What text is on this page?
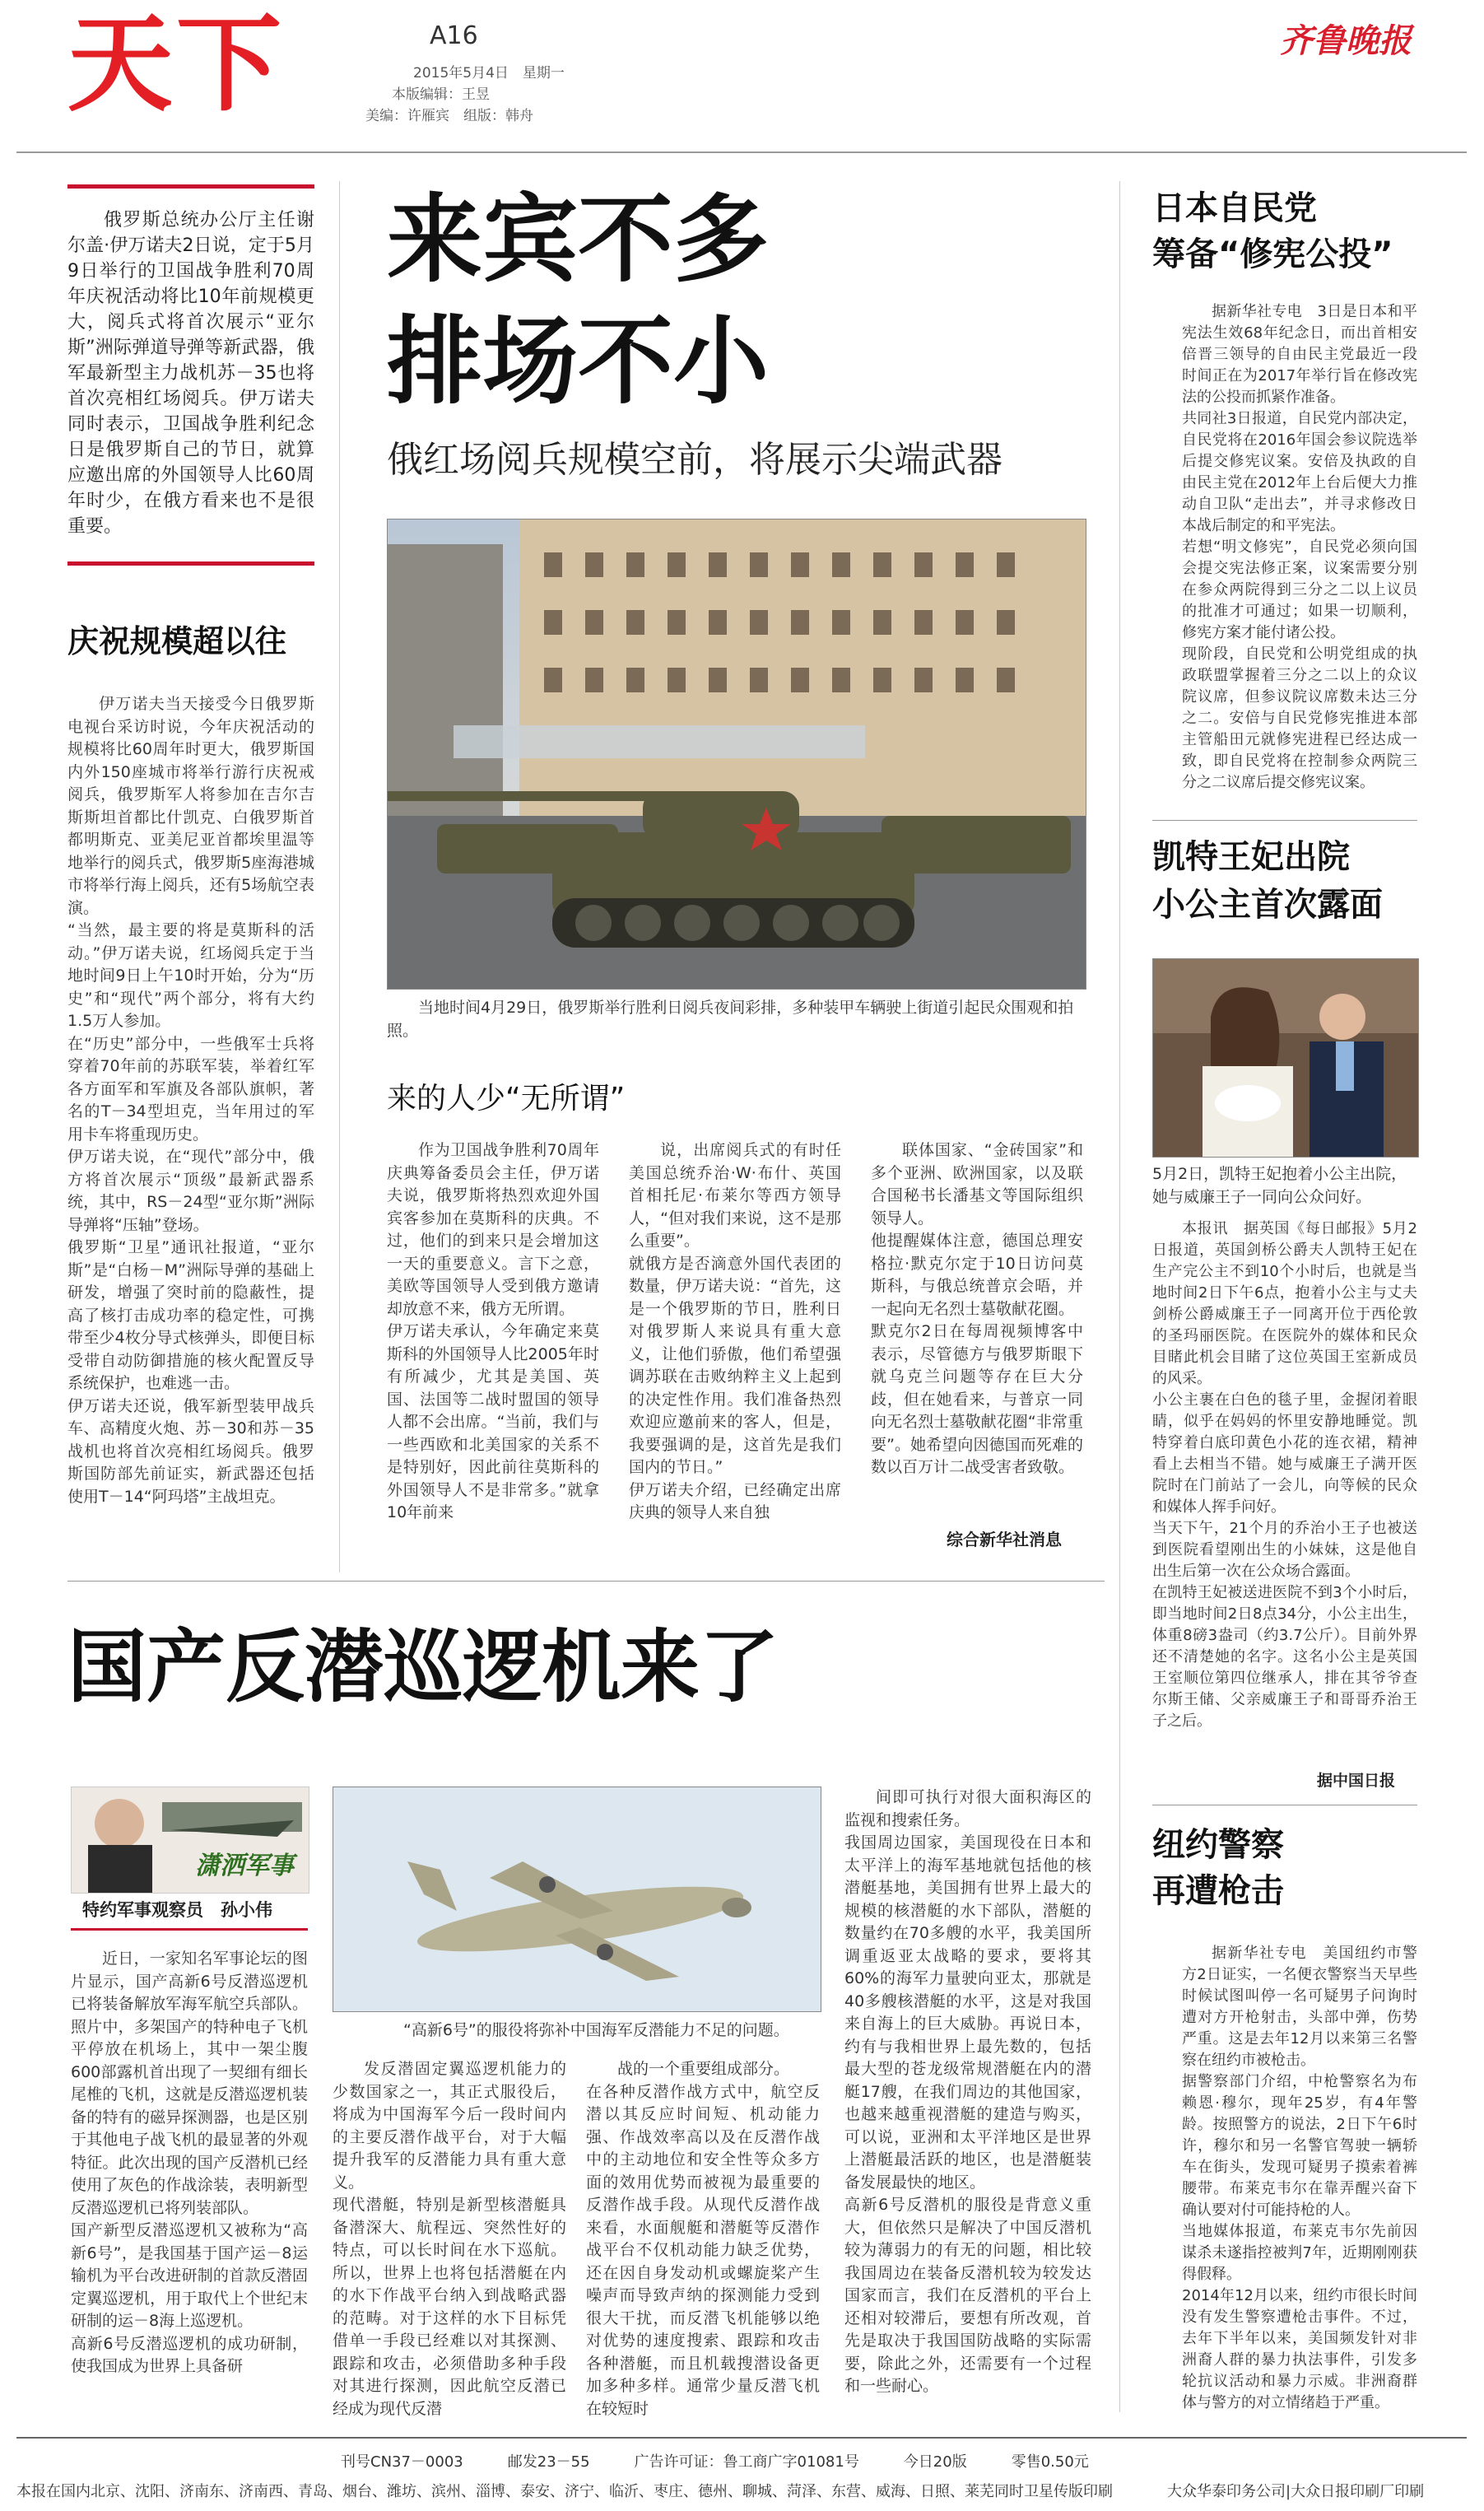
天下	A16
2015年5月4日　星期一
本版编辑：王昱
美编：许雁宾　组版：韩舟
齐鲁晚报

俄罗斯总统办公厅主任谢尔盖·伊万诺夫2日说，定于5月9日举行的卫国战争胜利70周年庆祝活动将比10年前规模更大，阅兵式将首次展示“亚尔斯”洲际弹道导弹等新武器，俄军最新型主力战机苏－35也将首次亮相红场阅兵。伊万诺夫同时表示，卫国战争胜利纪念日是俄罗斯自己的节日，就算应邀出席的外国领导人比60周年时少，在俄方看来也不是很重要。

庆祝规模超以往

伊万诺夫当天接受今日俄罗斯电视台采访时说，今年庆祝活动的规模将比60周年时更大，俄罗斯国内外150座城市将举行游行庆祝戒阅兵，俄罗斯军人将参加在吉尔吉斯斯坦首都比什凯克、白俄罗斯首都明斯克、亚美尼亚首都埃里温等地举行的阅兵式，俄罗斯5座海港城市将举行海上阅兵，还有5场航空表演。
“当然，最主要的将是莫斯科的活动。”伊万诺夫说，红场阅兵定于当地时间9日上午10时开始，分为“历史”和“现代”两个部分，将有大约1.5万人参加。
在“历史”部分中，一些俄军士兵将穿着70年前的苏联军装，举着红军各方面军和军旗及各部队旗帜，著名的T－34型坦克，当年用过的军用卡车将重现历史。
伊万诺夫说，在“现代”部分中，俄方将首次展示“顶级”最新武器系统，其中，RS－24型“亚尔斯”洲际导弹将“压轴”登场。
俄罗斯“卫星”通讯社报道，“亚尔斯”是“白杨－M”洲际导弹的基础上研发，增强了突时前的隐蔽性，提高了核打击成功率的稳定性，可携带至少4枚分导式核弹头，即便目标受带自动防御措施的核火配置反导系统保护，也难逃一击。
伊万诺夫还说，俄军新型装甲战兵车、高精度火炮、苏－30和苏－35战机也将首次亮相红场阅兵。俄罗斯国防部先前证实，新武器还包括使用T－14“阿玛塔”主战坦克。

来宾不多
排场不小
俄红场阅兵规模空前，将展示尖端武器

当地时间4月29日，俄罗斯举行胜利日阅兵夜间彩排，多种装甲车辆驶上街道引起民众围观和拍照。

来的人少“无所谓”

作为卫国战争胜利70周年庆典筹备委员会主任，伊万诺夫说，俄罗斯将热烈欢迎外国宾客参加在莫斯科的庆典。不过，他们的到来只是会增加这一天的重要意义。言下之意，美欧等国领导人受到俄方邀请却放意不来，俄方无所谓。
伊万诺夫承认，今年确定来莫斯科的外国领导人比2005年时有所减少，尤其是美国、英国、法国等二战时盟国的领导人都不会出席。“当前，我们与一些西欧和北美国家的关系不是特别好，因此前往莫斯科的外国领导人不是非常多。”就拿10年前来

说，出席阅兵式的有时任美国总统乔治·W·布什、英国首相托尼·布莱尔等西方领导人，“但对我们来说，这不是那么重要”。
就俄方是否滴意外国代表团的数量，伊万诺夫说：“首先，这是一个俄罗斯的节日，胜利日对俄罗斯人来说具有重大意义，让他们骄傲，他们希望强调苏联在击败纳粹主义上起到的决定性作用。我们准备热烈欢迎应邀前来的客人，但是，我要强调的是，这首先是我们国内的节日。”
伊万诺夫介绍，已经确定出席庆典的领导人来自独

联体国家、“金砖国家”和多个亚洲、欧洲国家，以及联合国秘书长潘基文等国际组织领导人。
他提醒媒体注意，德国总理安格拉·默克尔定于10日访问莫斯科，与俄总统普京会晤，并一起向无名烈士墓敬献花圈。
默克尔2日在每周视频博客中表示，尽管德方与俄罗斯眼下就乌克兰问题等存在巨大分歧，但在她看来，与普京一同向无名烈士墓敬献花圈“非常重要”。她希望向因德国而死难的数以百万计二战受害者致敬。

综合新华社消息
国产反潜巡逻机来了
潇洒军事
特约军事观察员　孙小伟

近日，一家知名军事论坛的图片显示，国产高新6号反潜巡逻机已将装备解放军海军航空兵部队。照片中，多架国产的特种电子飞机平停放在机场上，其中一架尘腹600部露机首出现了一契细有细长尾椎的飞机，这就是反潜巡逻机装备的特有的磁异探测器，也是区别于其他电子战飞机的最显著的外观特征。此次出现的国产反潜机已经使用了灰色的作战涂装，表明新型反潜巡逻机已将列装部队。
国产新型反潜巡逻机又被称为“高新6号”，是我国基于国产运－8运输机为平台改进研制的首款反潜固定翼巡逻机，用于取代上个世纪末研制的运－8海上巡逻机。
高新6号反潜巡逻机的成功研制，使我国成为世界上具备研

“高新6号”的服役将弥补中国海军反潜能力不足的问题。

发反潜固定翼巡逻机能力的少数国家之一，其正式服役后，将成为中国海军今后一段时间内的主要反潜作战平台，对于大幅提升我军的反潜能力具有重大意义。
现代潜艇，特别是新型核潜艇具备潜深大、航程远、突然性好的特点，可以长时间在水下巡航。所以，世界上也将包括潜艇在内的水下作战平台纳入到战略武器的范畴。对于这样的水下目标凭借单一手段已经难以对其探测、跟踪和攻击，必须借助多种手段对其进行探测，因此航空反潜已经成为现代反潜

战的一个重要组成部分。
在各种反潜作战方式中，航空反潜以其反应时间短、机动能力强、作战效率高以及在反潜作战中的主动地位和安全性等众多方面的效用优势而被视为最重要的反潜作战手段。从现代反潜作战来看，水面舰艇和潜艇等反潜作战平台不仅机动能力缺乏优势，还在因自身发动机或螺旋桨产生噪声而导致声纳的探测能力受到很大干扰，而反潜飞机能够以绝对优势的速度搜索、跟踪和攻击各种潜艇，而且机载搜潜设备更加多种多样。通常少量反潜飞机在较短时

间即可执行对很大面积海区的监视和搜索任务。
我国周边国家，美国现役在日本和太平洋上的海军基地就包括他的核潜艇基地，美国拥有世界上最大的规模的核潜艇的水下部队，潜艇的数量约在70多艘的水平，我美国所调重返亚太战略的要求，要将其60%的海军力量驶向亚太，那就是40多艘核潜艇的水平，这是对我国来自海上的巨大威胁。再说日本，约有与我相世界上最先数的，包括最大型的苍龙级常规潜艇在内的潜艇17艘，在我们周边的其他国家，也越来越重视潜艇的建造与购买，可以说，亚洲和太平洋地区是世界上潜艇最活跃的地区，也是潜艇装备发展最快的地区。
高新6号反潜机的服役是背意义重大，但依然只是解决了中国反潜机较为薄弱力的有无的问题，相比较我国周边在装备反潜机较为较发达国家而言，我们在反潜机的平台上还相对较滞后，要想有所改观，首先是取决于我国国防战略的实际需要，除此之外，还需要有一个过程和一些耐心。

日本自民党
筹备“修宪公投”

据新华社专电　3日是日本和平宪法生效68年纪念日，而出首相安倍晋三领导的自由民主党最近一段时间正在为2017年举行旨在修改宪法的公投而抓紧作准备。
共同社3日报道，自民党内部决定，自民党将在2016年国会参议院选举后提交修宪议案。安倍及执政的自由民主党在2012年上台后便大力推动自卫队“走出去”，并寻求修改日本战后制定的和平宪法。
若想“明文修宪”，自民党必须向国会提交宪法修正案，议案需要分别在参众两院得到三分之二以上议员的批准才可通过；如果一切顺利，修宪方案才能付诸公投。
现阶段，自民党和公明党组成的执政联盟掌握着三分之二以上的众议院议席，但参议院议席数未达三分之二。安倍与自民党修宪推进本部主管船田元就修宪进程已经达成一致，即自民党将在控制参众两院三分之二议席后提交修宪议案。

凯特王妃出院
小公主首次露面

5月2日，凯特王妃抱着小公主出院，她与威廉王子一同向公众问好。

本报讯　据英国《每日邮报》5月2日报道，英国剑桥公爵夫人凯特王妃在生产完公主不到10个小时后，也就是当地时间2日下午6点，抱着小公主与丈夫剑桥公爵威廉王子一同离开位于西伦敦的圣玛丽医院。在医院外的媒体和民众目睹此机会目睹了这位英国王室新成员的风采。
小公主裹在白色的毯子里，金握闭着眼睛，似乎在妈妈的怀里安静地睡觉。凯特穿着白底印黄色小花的连衣裙，精神看上去相当不错。她与威廉王子满开医院时在门前站了一会儿，向等候的民众和媒体人挥手问好。
当天下午，21个月的乔治小王子也被送到医院看望刚出生的小妹妹，这是他自出生后第一次在公众场合露面。
在凯特王妃被送进医院不到3个小时后，即当地时间2日8点34分，小公主出生，体重8磅3盎司（约3.7公斤）。目前外界还不清楚她的名字。这名小公主是英国王室顺位第四位继承人，排在其爷爷查尔斯王储、父亲威廉王子和哥哥乔治王子之后。

据中国日报
纽约警察
再遭枪击

据新华社专电　美国纽约市警方2日证实，一名便衣警察当天早些时候试图叫停一名可疑男子问询时遭对方开枪射击，头部中弹，伤势严重。这是去年12月以来第三名警察在纽约市被枪击。
据警察部门介绍，中枪警察名为布赖恩·穆尔，现年25岁，有4年警龄。按照警方的说法，2日下午6时许，穆尔和另一名警官驾驶一辆轿车在街头，发现可疑男子摸索着裤腰带。布莱克韦尔在靠弄醒兴奋下确认要对付可能持枪的人。
当地媒体报道，布莱克韦尔先前因谋杀未遂指控被判7年，近期刚刚获得假释。
2014年12月以来，纽约市很长时间没有发生警察遭枪击事件。不过，去年下半年以来，美国频发针对非洲裔人群的暴力执法事件，引发多轮抗议活动和暴力示威。非洲裔群体与警方的对立情绪趋于严重。

刊号CN37－0003　　　邮发23－55　　　广告许可证：鲁工商广字01081号　　　今日20版　　　零售0.50元
本报在国内北京、沈阳、济南东、济南西、青岛、烟台、潍坊、滨州、淄博、泰安、济宁、临沂、枣庄、德州、聊城、菏泽、东营、威海、日照、莱芜同时卫星传版印刷	大众华泰印务公司|大众日报印刷厂印刷
